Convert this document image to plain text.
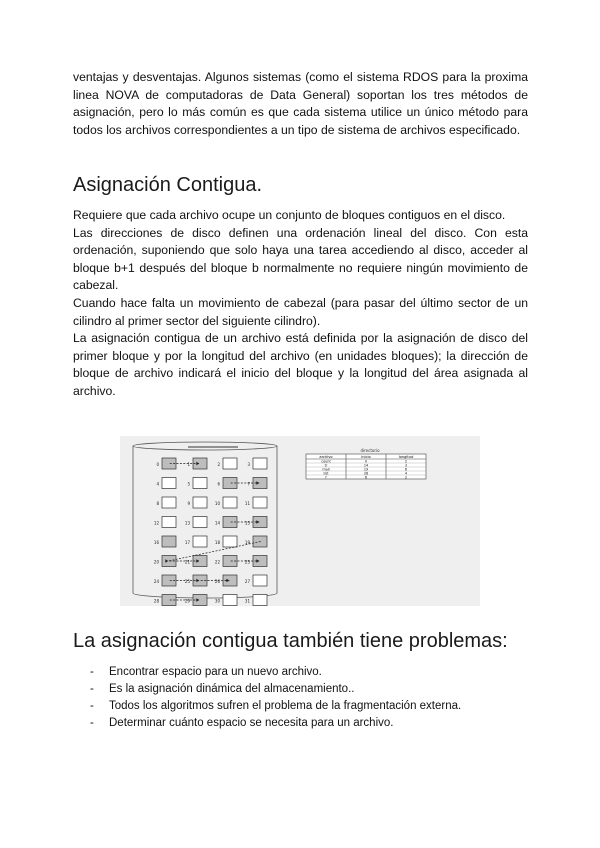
ventajas y desventajas. Algunos sistemas (como el sistema RDOS para la proxima linea NOVA de computadoras de Data General) soportan los tres métodos de asignación, pero lo más común es que cada sistema utilice un único método para todos los archivos correspondientes a un tipo de sistema de archivos especificado.

Asignación Contigua.
Requiere que cada archivo ocupe un conjunto de bloques contiguos en el disco.
Las direcciones de disco definen una ordenación lineal del disco. Con esta ordenación, suponiendo que solo haya una tarea accediendo al disco, acceder al bloque b+1 después del bloque b normalmente no requiere ningún movimiento de cabezal.
Cuando hace falta un movimiento de cabezal (para pasar del último sector de un cilindro al primer sector del siguiente cilindro).
La asignación contigua de un archivo está definida por la asignación de disco del primer bloque y por la longitud del archivo (en unidades bloques); la dirección de bloque de archivo indicará el inicio del bloque y la longitud del área asignada al archivo.
0	1	2	3
4	5	6	7
8	9	10	11
12	13	14	15
16	17	18	19
20	21	22	23
24	25	26	27
28	29	30	31
directorio
archivo	inicio	longitud
count	0	2
tr	14	3
mail	19	6
list	28	4
f	6	2
La asignación contigua también tiene problemas:
- Encontrar espacio para un nuevo archivo.
- Es la asignación dinámica del almacenamiento..
- Todos los algoritmos sufren el problema de la fragmentación externa.
- Determinar cuánto espacio se necesita para un archivo.
